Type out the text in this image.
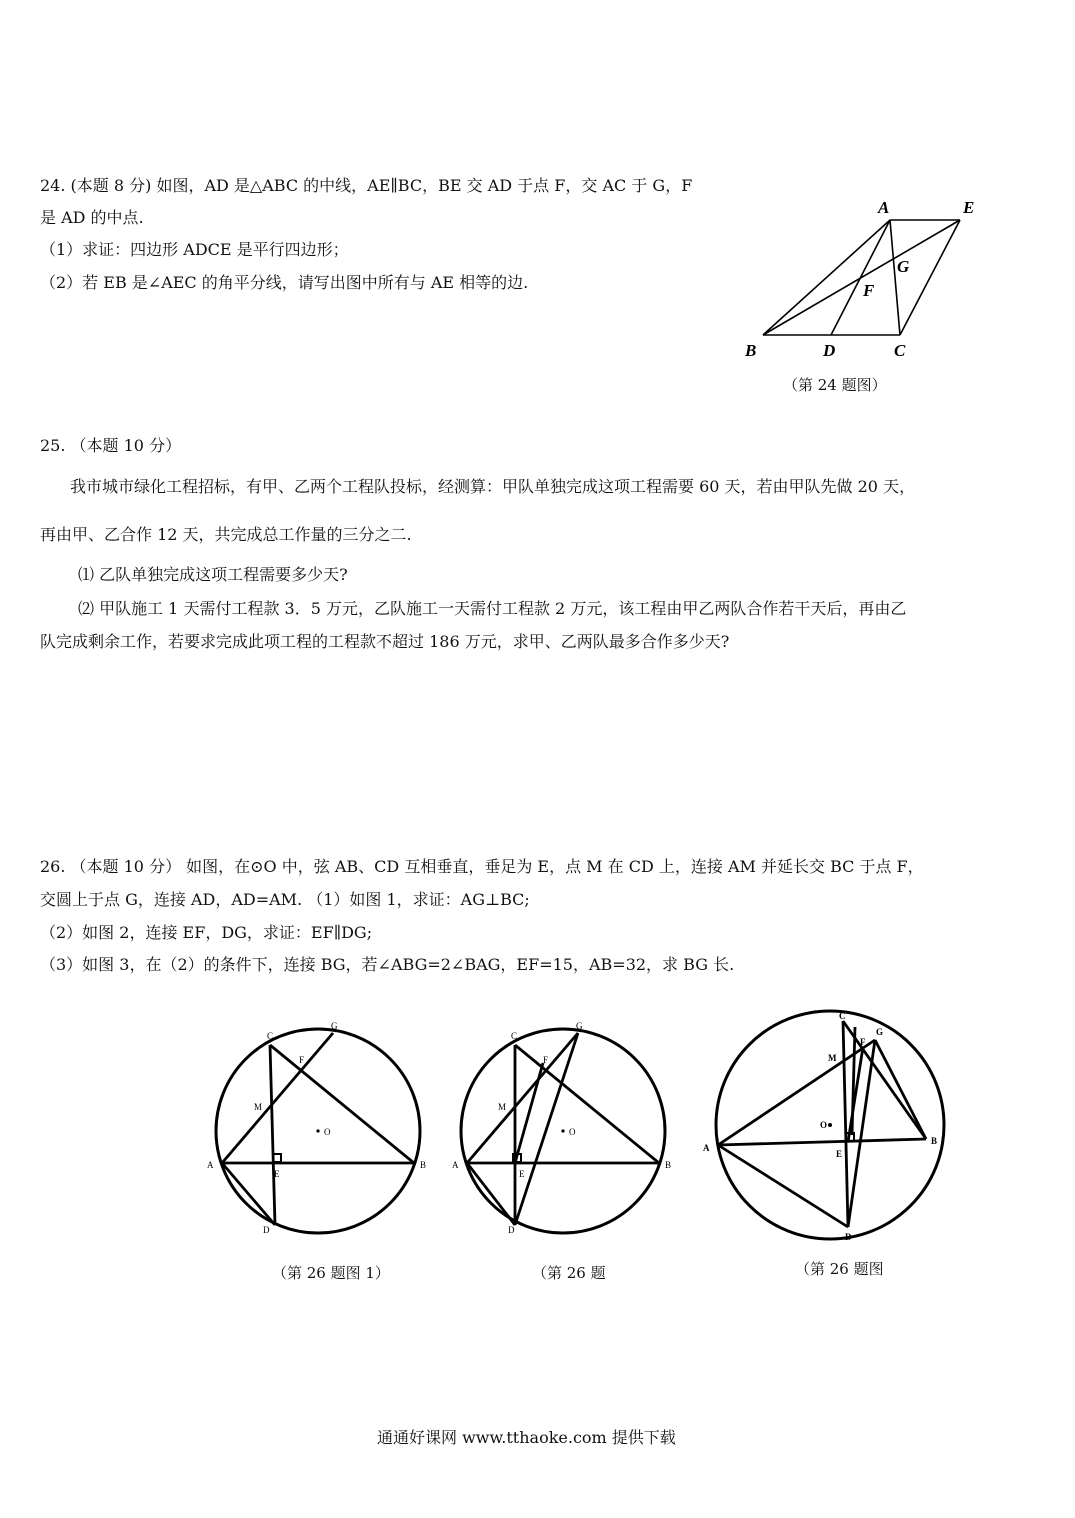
24. (本题 8 分) 如图，AD 是△ABC 的中线，AE∥BC，BE 交 AD 于点 F，交 AC 于 G，F
是 AD 的中点.
（1）求证：四边形 ADCE 是平行四边形；
（2）若 EB 是∠AEC 的角平分线，请写出图中所有与 AE 相等的边.
A	E
G
F
B	D	C
（第 24 题图）
25. （本题 10 分）
我市城市绿化工程招标，有甲、乙两个工程队投标，经测算：甲队单独完成这项工程需要 60 天，若由甲队先做 20 天，
再由甲、乙合作 12 天，共完成总工作量的三分之二.
⑴ 乙队单独完成这项工程需要多少天?
⑵ 甲队施工 1 天需付工程款 3．5 万元，乙队施工一天需付工程款 2 万元，该工程由甲乙两队合作若干天后，再由乙
队完成剩余工作，若要求完成此项工程的工程款不超过 186 万元，求甲、乙两队最多合作多少天?
26. （本题 10 分） 如图，在⊙O 中，弦 AB、CD 互相垂直，垂足为 E，点 M 在 CD 上，连接 AM 并延长交 BC 于点 F，
交圆上于点 G，连接 AD，AD=AM. （1）如图 1，求证：AG⊥BC;
（2）如图 2，连接 EF，DG，求证：EF∥DG;
（3）如图 3，在（2）的条件下，连接 BG，若∠ABG=2∠BAG，EF=15，AB=32，求 BG 长.
C
G
F
M
O
A	B
E
D
（第 26 题图 1）
C
G
F
M
O
A	B
E
D
（第 26 题
C
G
F
M
O
A
B
E
D
（第 26 题图
通通好课网 www.tthaoke.com 提供下载
